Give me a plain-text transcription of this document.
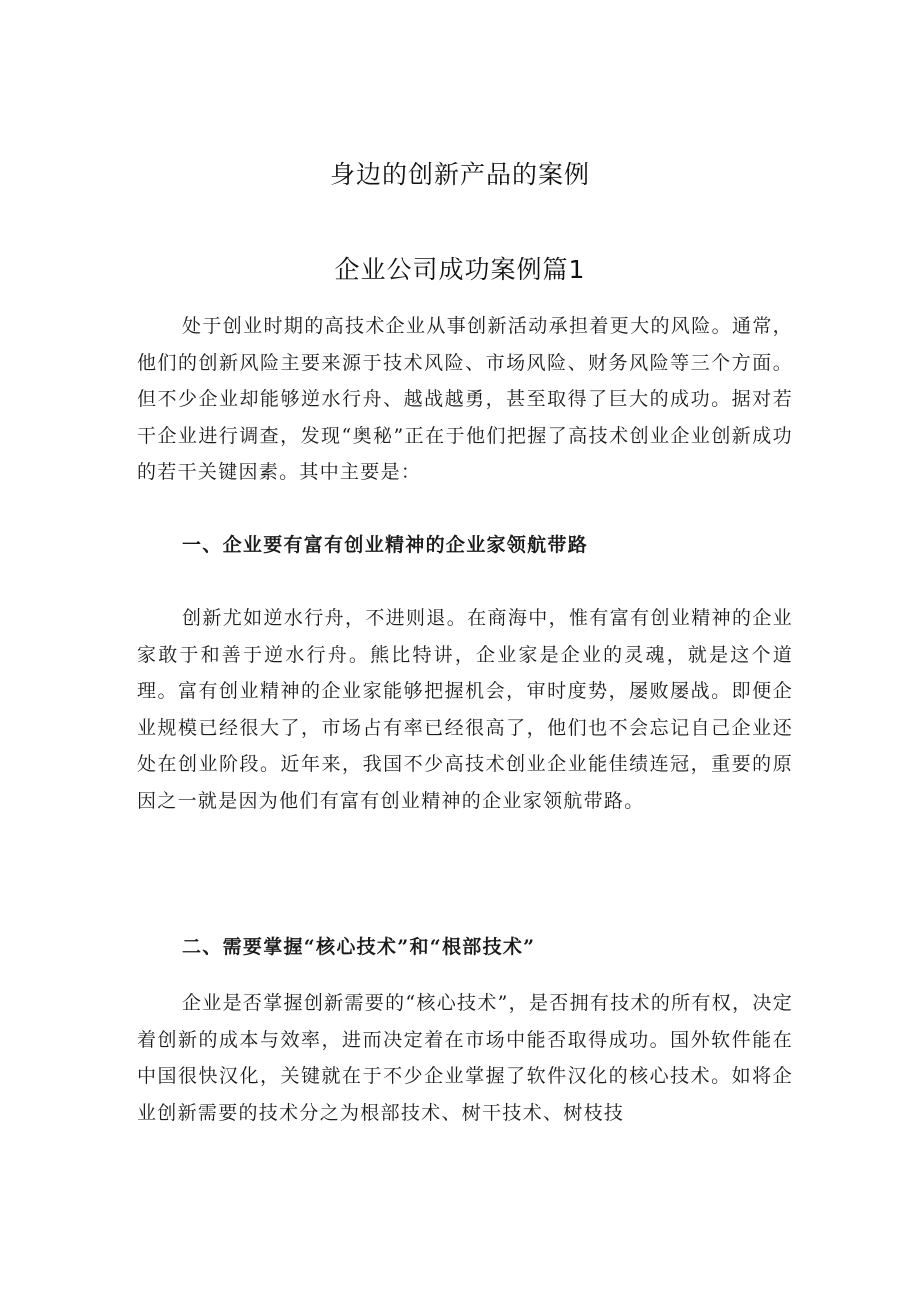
身边的创新产品的案例
企业公司成功案例篇1

处于创业时期的高技术企业从事创新活动承担着更大的风险。通常，他们的创新风险主要来源于技术风险、市场风险、财务风险等三个方面。但不少企业却能够逆水行舟、越战越勇，甚至取得了巨大的成功。据对若干企业进行调查，发现“奥秘”正在于他们把握了高技术创业企业创新成功的若干关键因素。其中主要是：

一、企业要有富有创业精神的企业家领航带路

创新尤如逆水行舟，不进则退。在商海中，惟有富有创业精神的企业家敢于和善于逆水行舟。熊比特讲，企业家是企业的灵魂，就是这个道理。富有创业精神的企业家能够把握机会，审时度势，屡败屡战。即便企业规模已经很大了，市场占有率已经很高了，他们也不会忘记自己企业还处在创业阶段。近年来，我国不少高技术创业企业能佳绩连冠，重要的原因之一就是因为他们有富有创业精神的企业家领航带路。

二、需要掌握“核心技术”和“根部技术”

企业是否掌握创新需要的“核心技术”，是否拥有技术的所有权，决定着创新的成本与效率，进而决定着在市场中能否取得成功。国外软件能在中国很快汉化，关键就在于不少企业掌握了软件汉化的核心技术。如将企业创新需要的技术分之为根部技术、树干技术、树枝技
